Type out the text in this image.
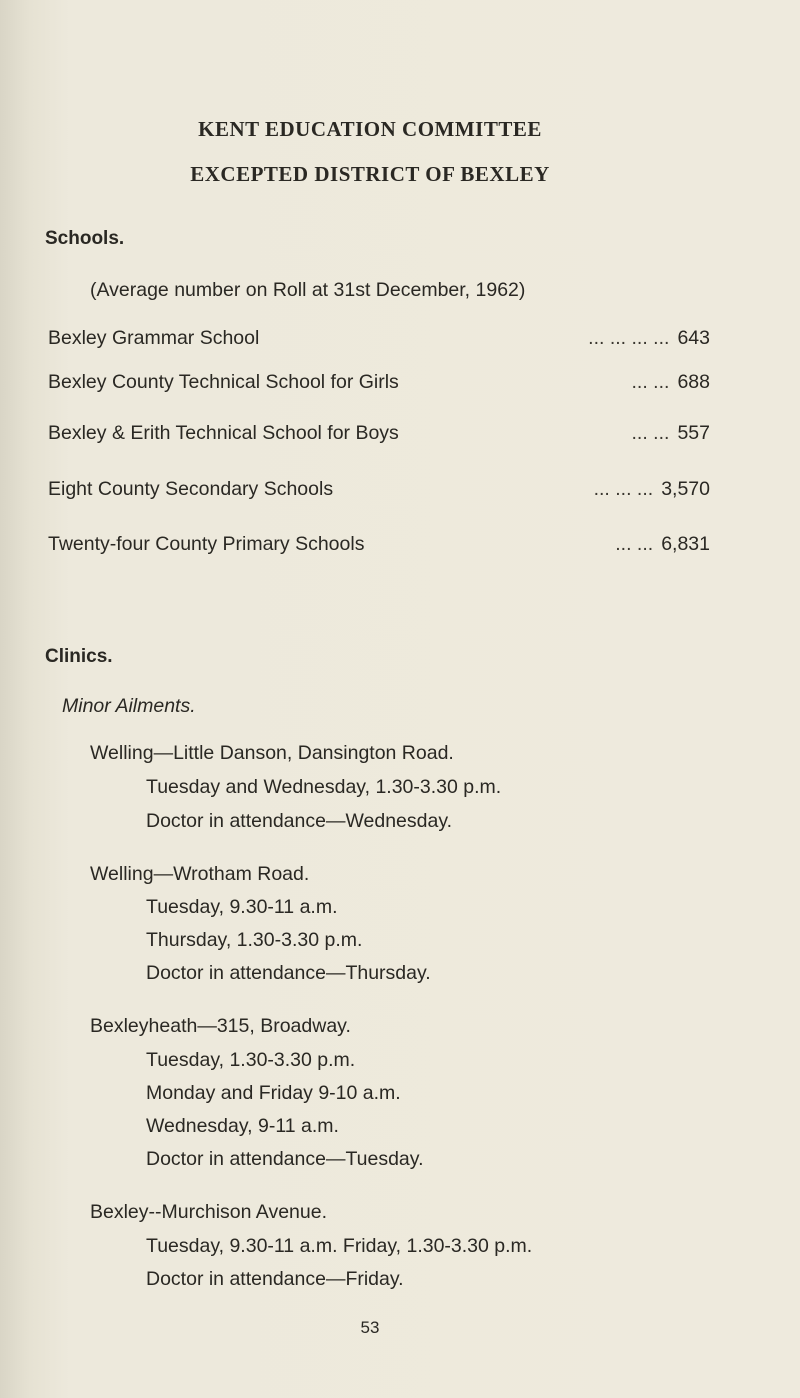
KENT EDUCATION COMMITTEE
EXCEPTED DISTRICT OF BEXLEY
Schools.
(Average number on Roll at 31st December, 1962)
Bexley Grammar School	... ... ... ... 643
Bexley County Technical School for Girls	... ... 688
Bexley & Erith Technical School for Boys	... ... 557
Eight County Secondary Schools	... ... ... 3,570
Twenty-four County Primary Schools	... ... 6,831
Clinics.
Minor Ailments.
Welling—Little Danson, Dansington Road.
Tuesday and Wednesday, 1.30-3.30 p.m.
Doctor in attendance—Wednesday.
Welling—Wrotham Road.
Tuesday, 9.30-11 a.m.
Thursday, 1.30-3.30 p.m.
Doctor in attendance—Thursday.
Bexleyheath—315, Broadway.
Tuesday, 1.30-3.30 p.m.
Monday and Friday 9-10 a.m.
Wednesday, 9-11 a.m.
Doctor in attendance—Tuesday.
Bexley--Murchison Avenue.
Tuesday, 9.30-11 a.m. Friday, 1.30-3.30 p.m.
Doctor in attendance—Friday.
53
